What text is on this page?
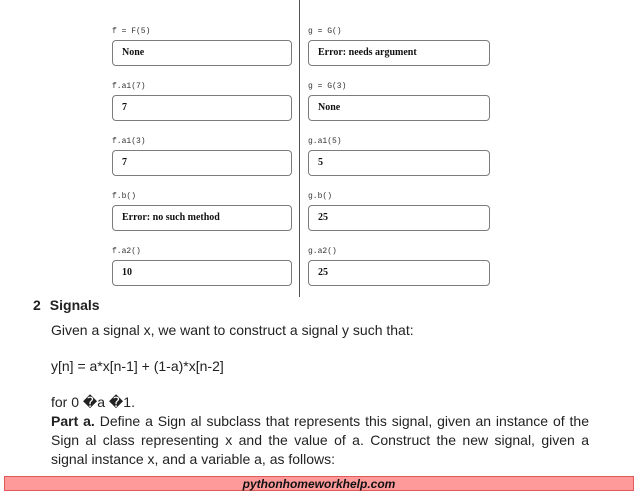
f = F(5)
None
f.a1(7)
7
f.a1(3)
7
f.b()
Error: no such method
f.a2()
10
g = G()
Error: needs argument
g = G(3)
None
g.a1(5)
5
g.b()
25
g.a2()
25
2 Signals
Given a signal x, we want to construct a signal y such that:
y[n] = a*x[n-1] + (1-a)*x[n-2]
for 0 �a �1.
Part a. Define a Sign al subclass that represents this signal, given an instance of the Sign al class representing x and the value of a. Construct the new signal, given a signal instance x, and a variable a, as follows:
pythonhomeworkhelp.com
